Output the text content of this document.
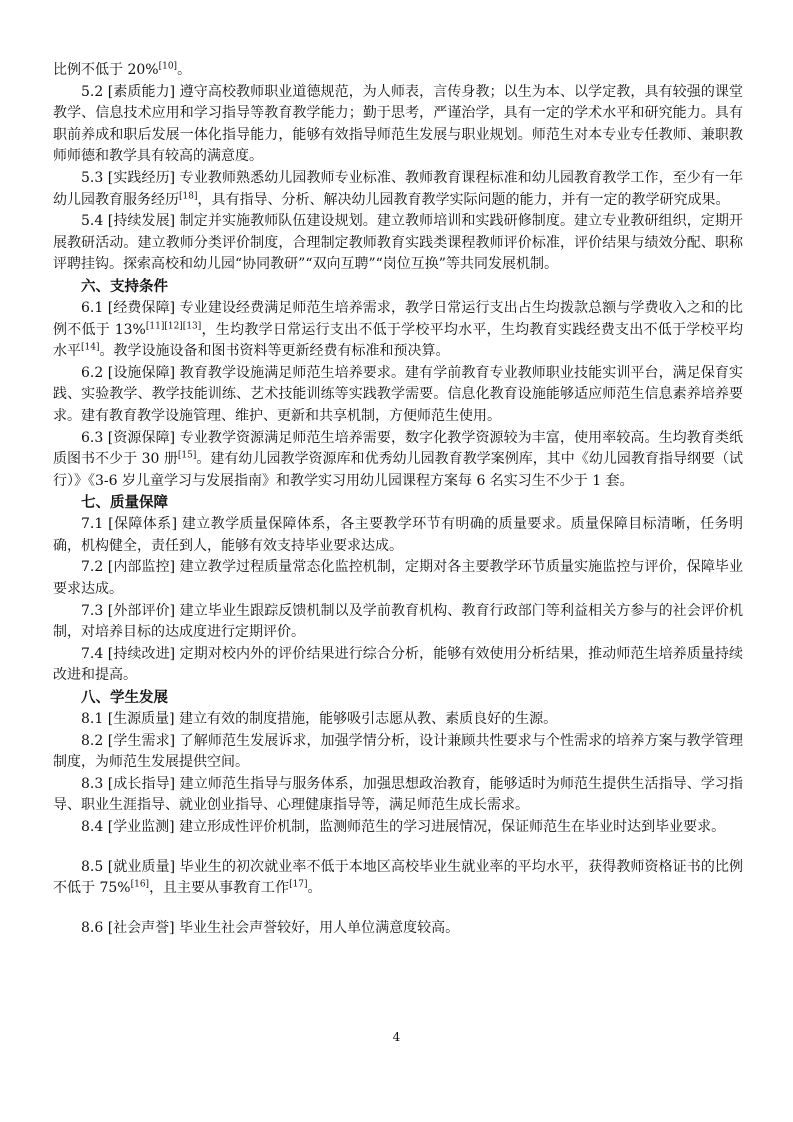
比例不低于 20%[10]。

5.2 [素质能力] 遵守高校教师职业道德规范，为人师表，言传身教；以生为本、以学定教，具有较强的课堂教学、信息技术应用和学习指导等教育教学能力；勤于思考，严谨治学，具有一定的学术水平和研究能力。具有职前养成和职后发展一体化指导能力，能够有效指导师范生发展与职业规划。师范生对本专业专任教师、兼职教师师德和教学具有较高的满意度。

5.3 [实践经历] 专业教师熟悉幼儿园教师专业标准、教师教育课程标准和幼儿园教育教学工作，至少有一年幼儿园教育服务经历[18]，具有指导、分析、解决幼儿园教育教学实际问题的能力，并有一定的教学研究成果。

5.4 [持续发展] 制定并实施教师队伍建设规划。建立教师培训和实践研修制度。建立专业教研组织，定期开展教研活动。建立教师分类评价制度，合理制定教师教育实践类课程教师评价标准，评价结果与绩效分配、职称评聘挂钩。探索高校和幼儿园“协同教研”“双向互聘”“岗位互换”等共同发展机制。

六、支持条件

6.1 [经费保障] 专业建设经费满足师范生培养需求，教学日常运行支出占生均拨款总额与学费收入之和的比例不低于 13%[11][12][13]，生均教学日常运行支出不低于学校平均水平，生均教育实践经费支出不低于学校平均水平[14]。教学设施设备和图书资料等更新经费有标准和预决算。

6.2 [设施保障] 教育教学设施满足师范生培养要求。建有学前教育专业教师职业技能实训平台，满足保育实践、实验教学、教学技能训练、艺术技能训练等实践教学需要。信息化教育设施能够适应师范生信息素养培养要求。建有教育教学设施管理、维护、更新和共享机制，方便师范生使用。

6.3 [资源保障] 专业教学资源满足师范生培养需要，数字化教学资源较为丰富，使用率较高。生均教育类纸质图书不少于 30 册[15]。建有幼儿园教学资源库和优秀幼儿园教育教学案例库，其中《幼儿园教育指导纲要（试行）》《3-6 岁儿童学习与发展指南》和教学实习用幼儿园课程方案每 6 名实习生不少于 1 套。

七、质量保障

7.1 [保障体系] 建立教学质量保障体系，各主要教学环节有明确的质量要求。质量保障目标清晰，任务明确，机构健全，责任到人，能够有效支持毕业要求达成。

7.2 [内部监控] 建立教学过程质量常态化监控机制，定期对各主要教学环节质量实施监控与评价，保障毕业要求达成。

7.3 [外部评价] 建立毕业生跟踪反馈机制以及学前教育机构、教育行政部门等利益相关方参与的社会评价机制，对培养目标的达成度进行定期评价。

7.4 [持续改进] 定期对校内外的评价结果进行综合分析，能够有效使用分析结果，推动师范生培养质量持续改进和提高。

八、学生发展

8.1 [生源质量] 建立有效的制度措施，能够吸引志愿从教、素质良好的生源。

8.2 [学生需求] 了解师范生发展诉求，加强学情分析，设计兼顾共性要求与个性需求的培养方案与教学管理制度，为师范生发展提供空间。

8.3 [成长指导] 建立师范生指导与服务体系，加强思想政治教育，能够适时为师范生提供生活指导、学习指导、职业生涯指导、就业创业指导、心理健康指导等，满足师范生成长需求。

8.4 [学业监测] 建立形成性评价机制，监测师范生的学习进展情况，保证师范生在毕业时达到毕业要求。

8.5 [就业质量] 毕业生的初次就业率不低于本地区高校毕业生就业率的平均水平，获得教师资格证书的比例不低于 75%[16]，且主要从事教育工作[17]。

8.6 [社会声誉] 毕业生社会声誉较好，用人单位满意度较高。

4
